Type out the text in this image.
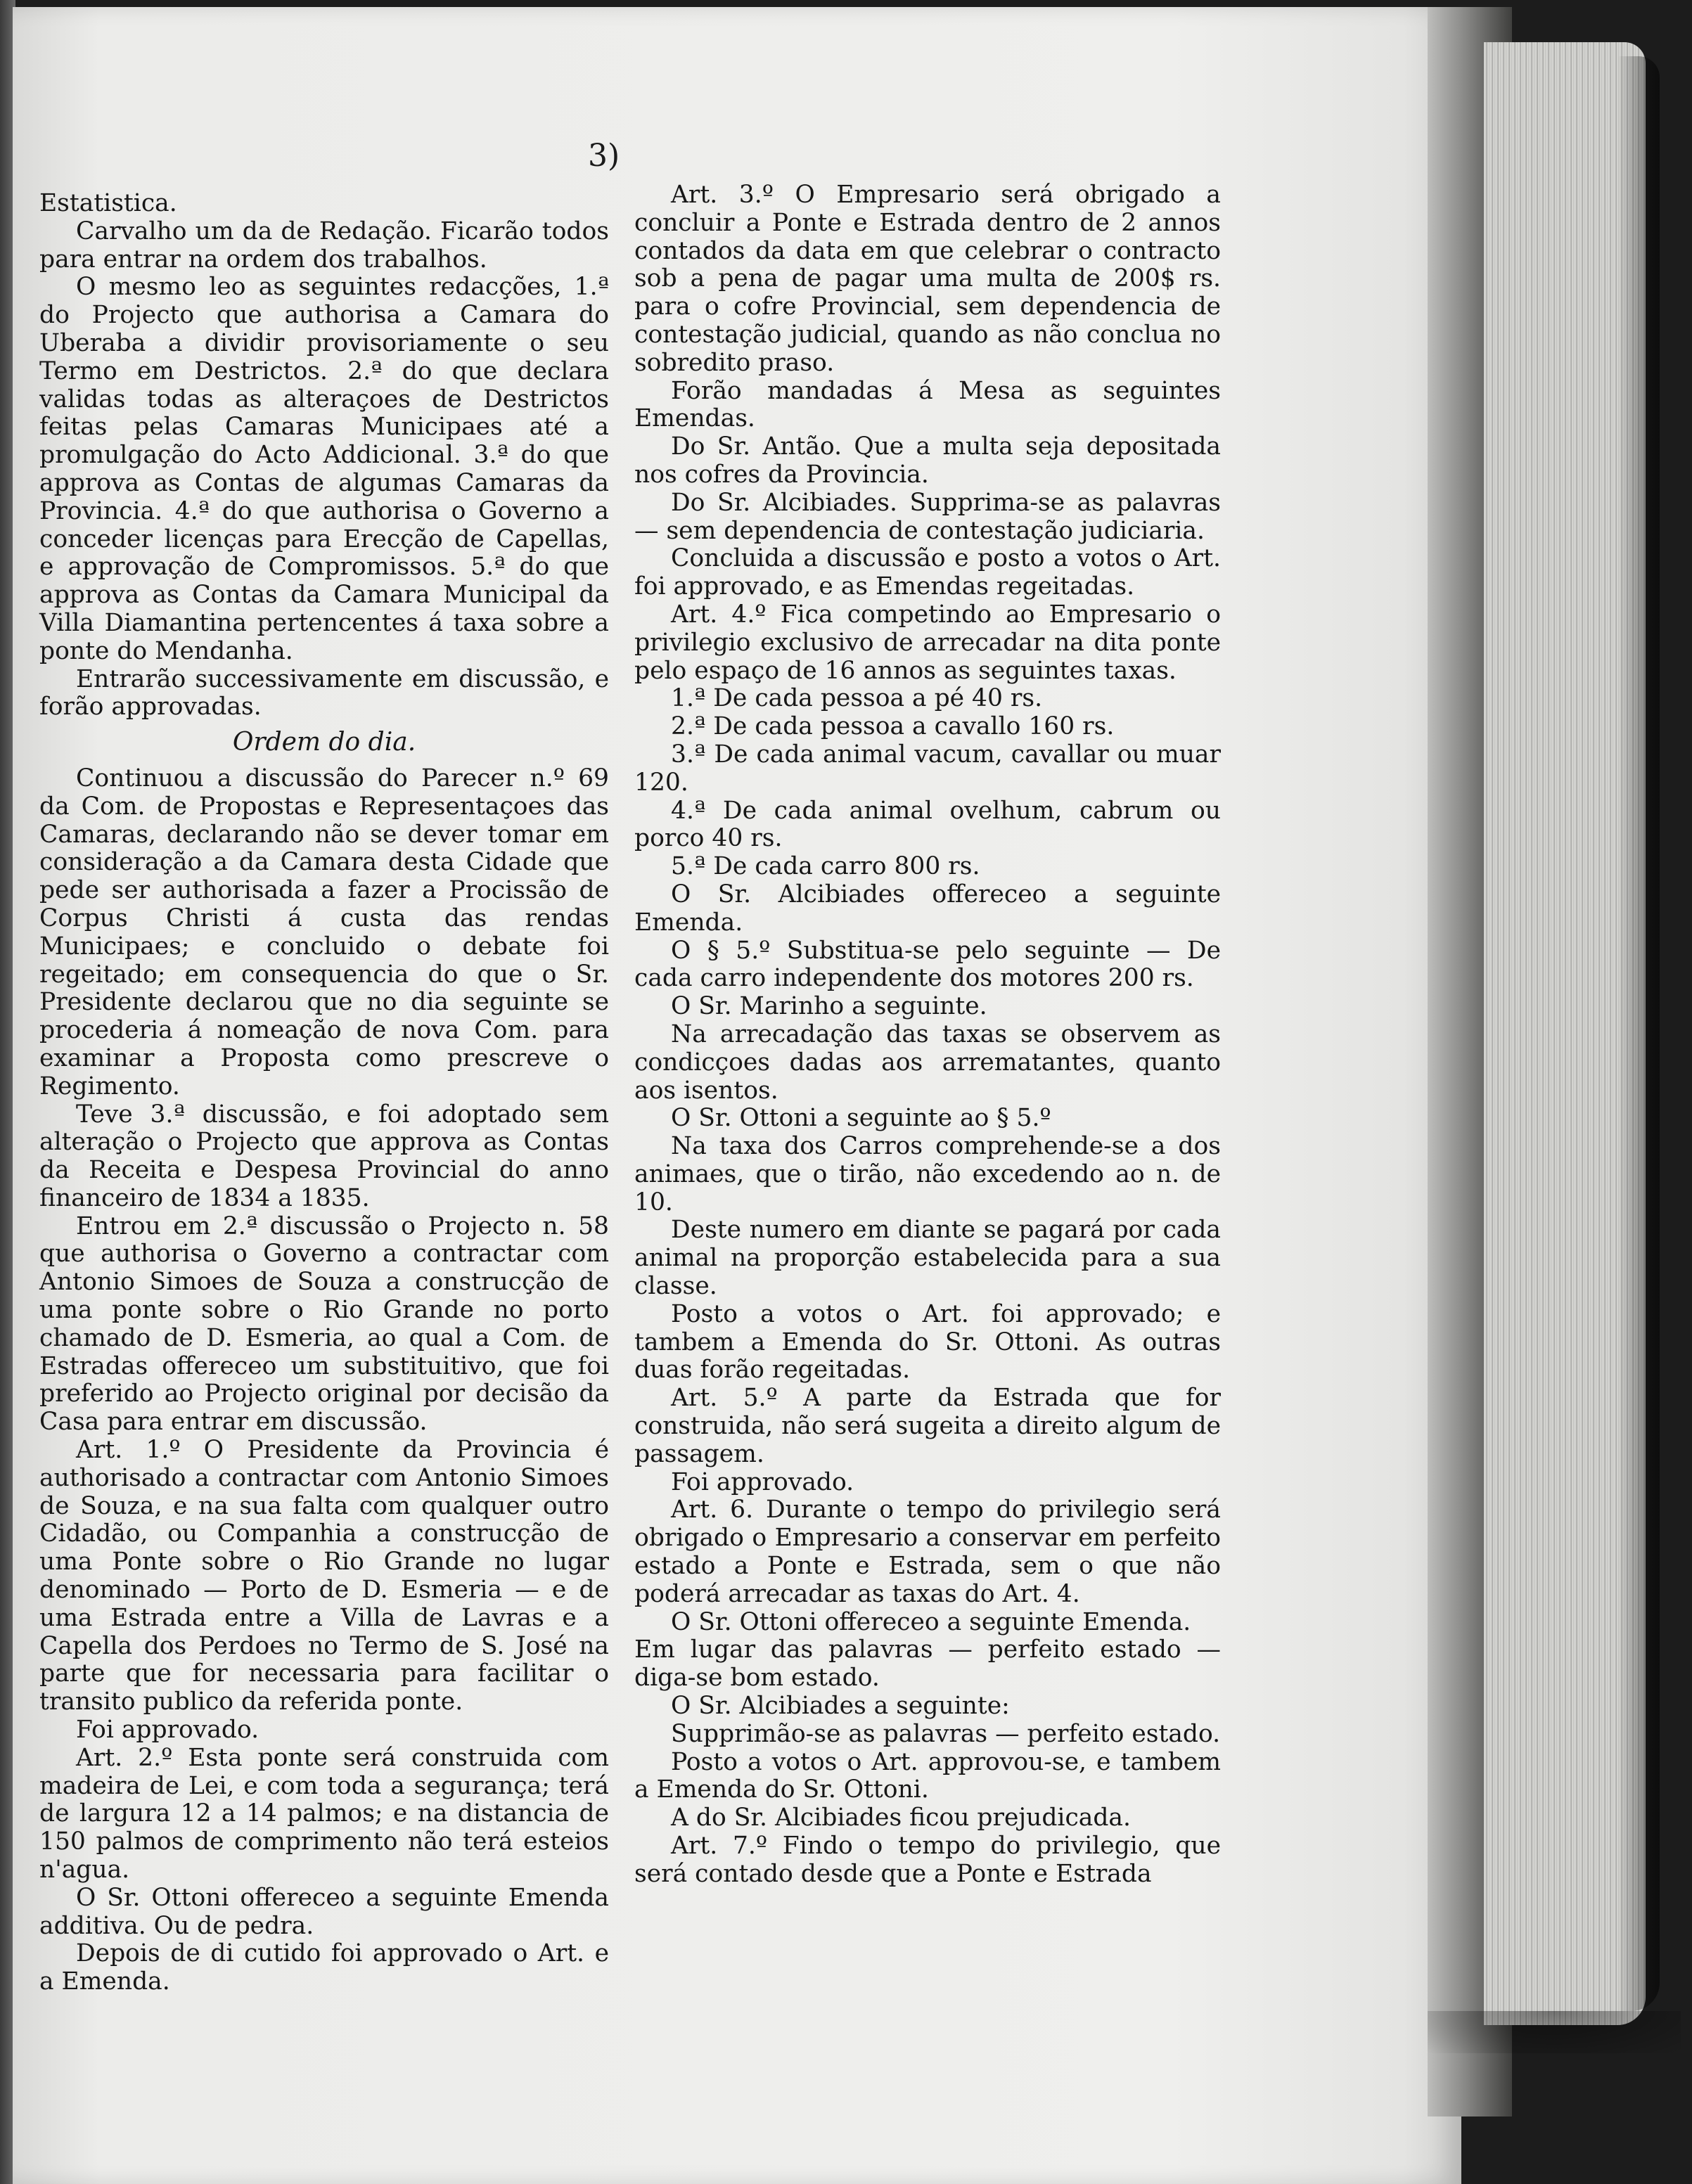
3)

Estatistica.

Carvalho um da de Redação. Ficarão todos para entrar na ordem dos trabalhos.

O mesmo leo as seguintes redacções, 1.ª do Projecto que authorisa a Camara do Uberaba a dividir provisoriamente o seu Termo em Destrictos. 2.ª do que declara validas todas as alteraçoes de Destrictos feitas pelas Camaras Municipaes até a promulgação do Acto Addicional. 3.ª do que approva as Contas de algumas Camaras da Provincia. 4.ª do que authorisa o Governo a conceder licenças para Erecção de Capellas, e approvação de Compromissos. 5.ª do que approva as Contas da Camara Municipal da Villa Diamantina pertencentes á taxa sobre a ponte do Mendanha.

Entrarão successivamente em discussão, e forão approvadas.

Ordem do dia.

Continuou a discussão do Parecer n.º 69 da Com. de Propostas e Representaçoes das Camaras, declarando não se dever tomar em consideração a da Camara desta Cidade que pede ser authorisada a fazer a Procissão de Corpus Christi á custa das rendas Municipaes; e concluido o debate foi regeitado; em consequencia do que o Sr. Presidente declarou que no dia seguinte se procederia á nomeação de nova Com. para examinar a Proposta como prescreve o Regimento.

Teve 3.ª discussão, e foi adoptado sem alteração o Projecto que approva as Contas da Receita e Despesa Provincial do anno financeiro de 1834 a 1835.

Entrou em 2.ª discussão o Projecto n. 58 que authorisa o Governo a contractar com Antonio Simoes de Souza a construcção de uma ponte sobre o Rio Grande no porto chamado de D. Esmeria, ao qual a Com. de Estradas offereceo um substituitivo, que foi preferido ao Projecto original por decisão da Casa para entrar em discussão.

Art. 1.º O Presidente da Provincia é authorisado a contractar com Antonio Simoes de Souza, e na sua falta com qualquer outro Cidadão, ou Companhia a construcção de uma Ponte sobre o Rio Grande no lugar denominado — Porto de D. Esmeria — e de uma Estrada entre a Villa de Lavras e a Capella dos Perdoes no Termo de S. José na parte que for necessaria para facilitar o transito publico da referida ponte.

Foi approvado.

Art. 2.º Esta ponte será construida com madeira de Lei, e com toda a segurança; terá de largura 12 a 14 palmos; e na distancia de 150 palmos de comprimento não terá esteios n'agua.

O Sr. Ottoni offereceo a seguinte Emenda additiva. Ou de pedra.

Depois de di cutido foi approvado o Art. e a Emenda.

Art. 3.º O Empresario será obrigado a concluir a Ponte e Estrada dentro de 2 annos contados da data em que celebrar o contracto sob a pena de pagar uma multa de 200$ rs. para o cofre Provincial, sem dependencia de contestação judicial, quando as não conclua no sobredito praso.

Forão mandadas á Mesa as seguintes Emendas.

Do Sr. Antão. Que a multa seja depositada nos cofres da Provincia.

Do Sr. Alcibiades. Supprima-se as palavras — sem dependencia de contestação judiciaria.

Concluida a discussão e posto a votos o Art. foi approvado, e as Emendas regeitadas.

Art. 4.º Fica competindo ao Empresario o privilegio exclusivo de arrecadar na dita ponte pelo espaço de 16 annos as seguintes taxas.

1.ª De cada pessoa a pé 40 rs.

2.ª De cada pessoa a cavallo 160 rs.

3.ª De cada animal vacum, cavallar ou muar 120.

4.ª De cada animal ovelhum, cabrum ou porco 40 rs.

5.ª De cada carro 800 rs.

O Sr. Alcibiades offereceo a seguinte Emenda.

O § 5.º Substitua-se pelo seguinte — De cada carro independente dos motores 200 rs.

O Sr. Marinho a seguinte.

Na arrecadação das taxas se observem as condicçoes dadas aos arrematantes, quanto aos isentos.

O Sr. Ottoni a seguinte ao § 5.º

Na taxa dos Carros comprehende-se a dos animaes, que o tirão, não excedendo ao n. de 10.

Deste numero em diante se pagará por cada animal na proporção estabelecida para a sua classe.

Posto a votos o Art. foi approvado; e tambem a Emenda do Sr. Ottoni. As outras duas forão regeitadas.

Art. 5.º A parte da Estrada que for construida, não será sugeita a direito algum de passagem.

Foi approvado.

Art. 6. Durante o tempo do privilegio será obrigado o Empresario a conservar em perfeito estado a Ponte e Estrada, sem o que não poderá arrecadar as taxas do Art. 4.

O Sr. Ottoni offereceo a seguinte Emenda.

Em lugar das palavras — perfeito estado — diga-se bom estado.

O Sr. Alcibiades a seguinte:

Supprimão-se as palavras — perfeito estado.

Posto a votos o Art. approvou-se, e tambem a Emenda do Sr. Ottoni.

A do Sr. Alcibiades ficou prejudicada.

Art. 7.º Findo o tempo do privilegio, que será contado desde que a Ponte e Estrada
